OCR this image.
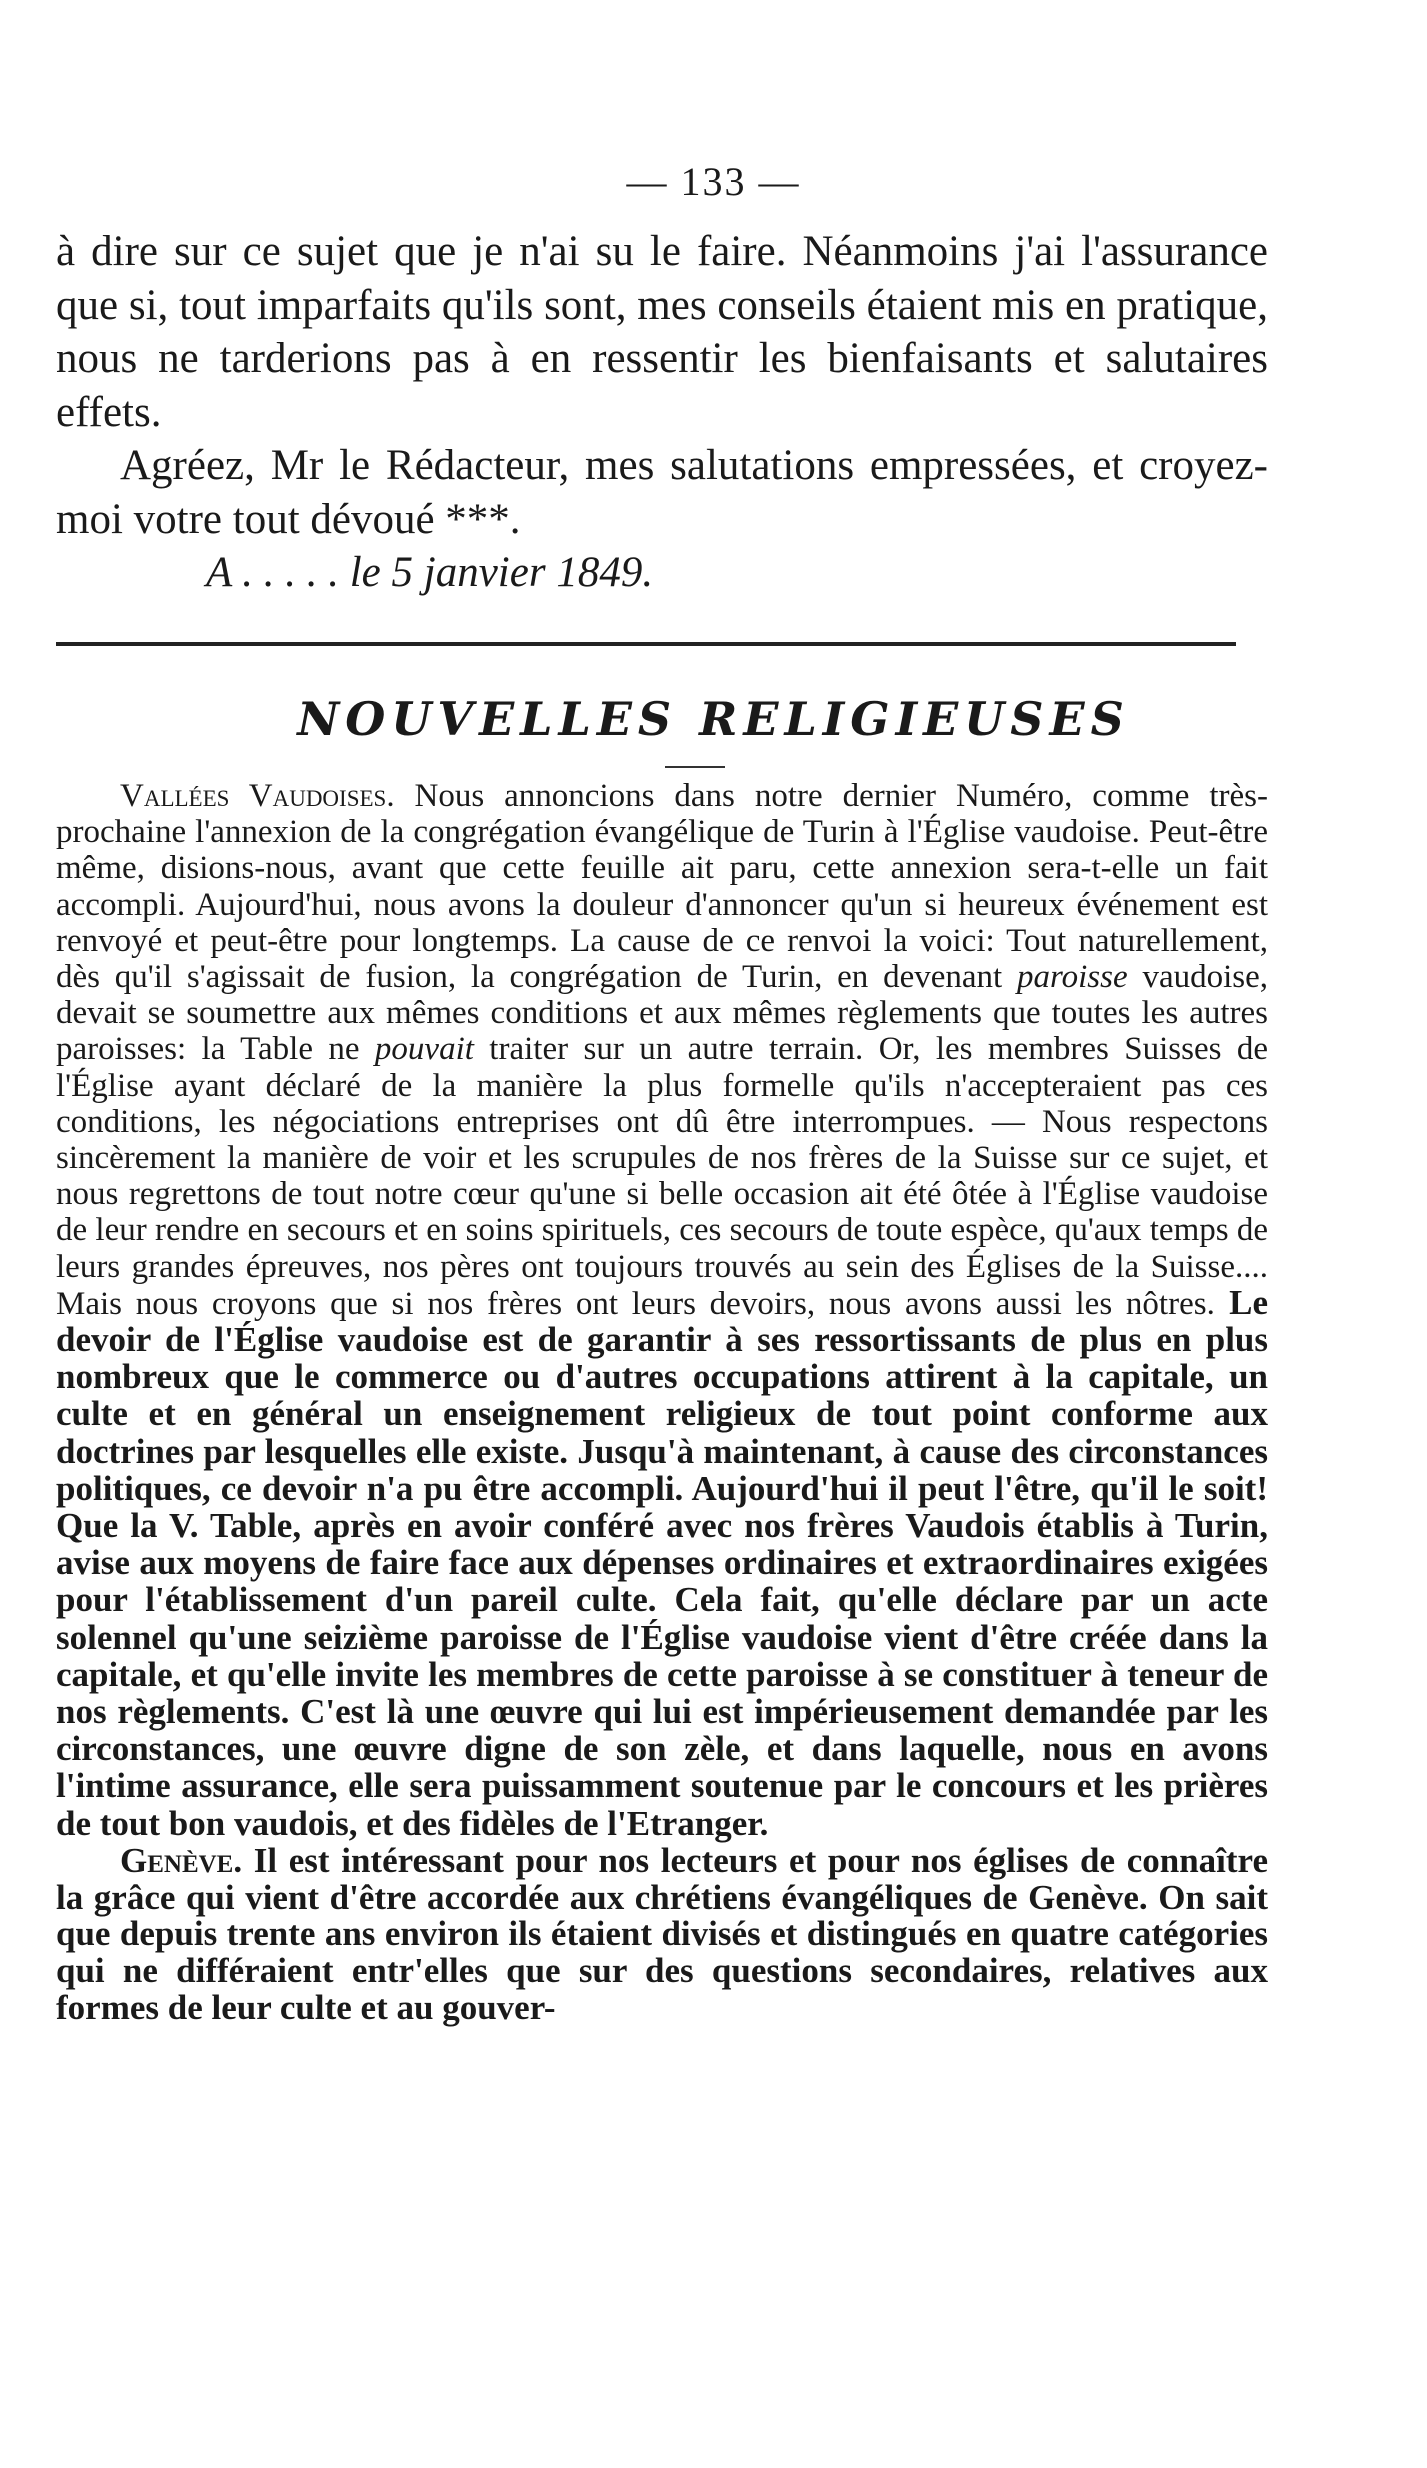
— 133 —

à dire sur ce sujet que je n'ai su le faire. Néanmoins j'ai l'assurance que si, tout imparfaits qu'ils sont, mes conseils étaient mis en pratique, nous ne tarderions pas à en ressentir les bienfaisants et salutaires effets.

Agréez, Mr le Rédacteur, mes salutations empressées, et croyez-moi votre tout dévoué ***.

A . . . . . le 5 janvier 1849.

NOUVELLES RELIGIEUSES

Vallées Vaudoises. Nous annoncions dans notre dernier Numéro, comme très-prochaine l'annexion de la congrégation évangélique de Turin à l'Église vaudoise. Peut-être même, disions-nous, avant que cette feuille ait paru, cette annexion sera-t-elle un fait accompli. Aujourd'hui, nous avons la douleur d'annoncer qu'un si heureux événement est renvoyé et peut-être pour longtemps. La cause de ce renvoi la voici: Tout naturellement, dès qu'il s'agissait de fusion, la congrégation de Turin, en devenant paroisse vaudoise, devait se soumettre aux mêmes conditions et aux mêmes règlements que toutes les autres paroisses: la Table ne pouvait traiter sur un autre terrain. Or, les membres Suisses de l'Église ayant déclaré de la manière la plus formelle qu'ils n'accepteraient pas ces conditions, les négociations entreprises ont dû être interrompues. — Nous respectons sincèrement la manière de voir et les scrupules de nos frères de la Suisse sur ce sujet, et nous regrettons de tout notre cœur qu'une si belle occasion ait été ôtée à l'Église vaudoise de leur rendre en secours et en soins spirituels, ces secours de toute espèce, qu'aux temps de leurs grandes épreuves, nos pères ont toujours trouvés au sein des Églises de la Suisse.... Mais nous croyons que si nos frères ont leurs devoirs, nous avons aussi les nôtres. Le devoir de l'Église vaudoise est de garantir à ses ressortissants de plus en plus nombreux que le commerce ou d'autres occupations attirent à la capitale, un culte et en général un enseignement religieux de tout point conforme aux doctrines par lesquelles elle existe. Jusqu'à maintenant, à cause des circonstances politiques, ce devoir n'a pu être accompli. Aujourd'hui il peut l'être, qu'il le soit! Que la V. Table, après en avoir conféré avec nos frères Vaudois établis à Turin, avise aux moyens de faire face aux dépenses ordinaires et extraordinaires exigées pour l'établissement d'un pareil culte. Cela fait, qu'elle déclare par un acte solennel qu'une seizième paroisse de l'Église vaudoise vient d'être créée dans la capitale, et qu'elle invite les membres de cette paroisse à se constituer à teneur de nos règlements. C'est là une œuvre qui lui est impérieusement demandée par les circonstances, une œuvre digne de son zèle, et dans laquelle, nous en avons l'intime assurance, elle sera puissamment soutenue par le concours et les prières de tout bon vaudois, et des fidèles de l'Etranger.

Genève. Il est intéressant pour nos lecteurs et pour nos églises de connaître la grâce qui vient d'être accordée aux chrétiens évangéliques de Genève. On sait que depuis trente ans environ ils étaient divisés et distingués en quatre catégories qui ne différaient entr'elles que sur des questions secondaires, relatives aux formes de leur culte et au gouver-
